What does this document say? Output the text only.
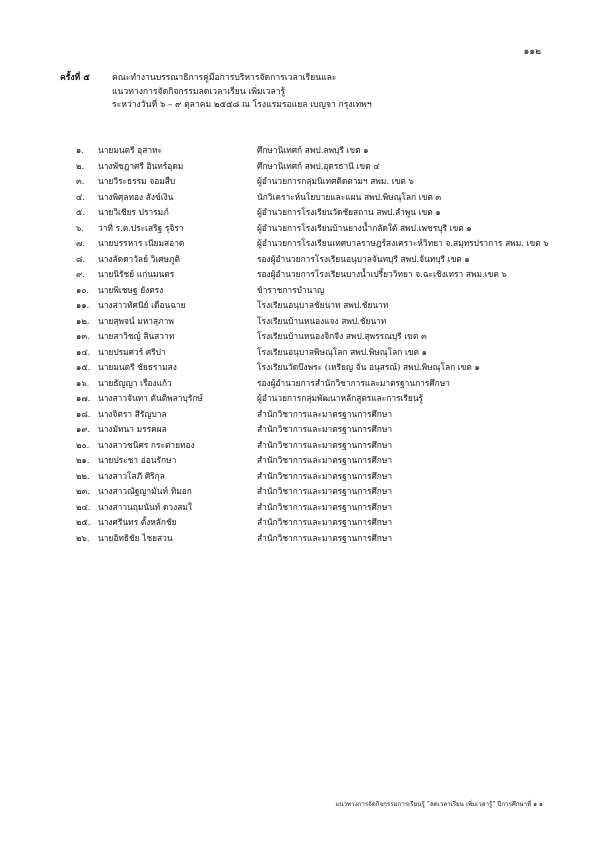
๑๑๒
ครั้งที่ ๕	คณะทำงานบรรณาธิการคู่มือการบริหารจัดการเวลาเรียนและ
แนวทางการจัดกิจกรรมลดเวลาเรียน เพิ่มเวลารู้
ระหว่างวันที่ ๖ – ๙ ตุลาคม ๒๕๕๘ ณ โรงแรมรอแยล เบญจา กรุงเทพฯ
๑.	นายมนตรี อุสาหะ	ศึกษานิเทศก์ สพป.ลพบุรี เขต ๑
๒.	นางพัชฎาศรี อินทร์อุดม	ศึกษานิเทศก์ สพป.อุดรธานี เขต ๔
๓.	นายวีระธรรม จอมสืบ	ผู้อำนวยการกลุ่มนิเทศติดตามฯ สพม. เขต ๖
๔.	นางพิศุลทอง สังข์เงิน	นักวิเคราะห์นโยบายและแผน สพป.พิษณุโลก เขต ๓
๕.	นายวิเชียร ปรารมภ์	ผู้อำนวยการโรงเรียนวัดชัยสถาน สพป.ลำพูน เขต ๑
๖.	ว่าที่ ร.ต.ประเสริฐ รุจิรา	ผู้อำนวยการโรงเรียนบ้านยางน้ำกลัดใต้ สพป.เพชรบุรี เขต ๑
๗.	นายบรรหาร เนียมสอาด	ผู้อำนวยการโรงเรียนเทศบาลราษฎร์สงเคราะห์วิทยา จ.สมุทรปราการ สพม. เขต ๖
๘.	นางลัดดาวัลย์ วิเศษภูติ	รองผู้อำนวยการโรงเรียนอนุบาลจันทบุรี สพป.จันทบุรี เขต ๑
๙.	นายนิรัชย์ แก่นมนตร	รองผู้อำนวยการโรงเรียนบางน้ำเปรี้ยววิทยา จ.ฉะเชิงเทรา สพม.เขต ๖
๑๐.	นายพิเชษฐ ยังตรง	ข้าราชการบำนาญ
๑๑.	นางสาวทัศนีย์ เดือนฉาย	โรงเรียนอนุบาลชัยนาท สพป.ชัยนาท
๑๒.	นายสุพจน์ มหาสุภาพ	โรงเรียนบ้านหนองแจง สพป.ชัยนาท
๑๓. นายสาวิชญ์ สินสวาท	โรงเรียนบ้านหนองจิกจีง สพป.สุพรรณบุรี เขต ๓
๑๔. นายปรมศวร์ ศรีปา	โรงเรียนอนุบาลพิษณุโลก สพป.พิษณุโลก เขต ๑
๑๕. นายมนตรี ชัยธรามสง	โรงเรียนวัดบึงพระ (เหรียญ จั่น อนุสรณ์) สพป.พิษณุโลก เขต ๑
๑๖.	นายธัญญา เรืองแก้ว	รองผู้อำนวยการสำนักวิชาการและมาตรฐานการศึกษา
๑๗. นางสาวจันทา ตันติพลาบุรักษ์	ผู้อำนวยการกลุ่มพัฒนาหลักสูตรและการเรียนรู้
๑๘. นางจิตรา สีรัญบาล	สำนักวิชาการและมาตรฐานการศึกษา
๑๙. นางมัทนา มรรคผล	สำนักวิชาการและมาตรฐานการศึกษา
๒๐.	นางสาวชนิศร กระต่ายทอง	สำนักวิชาการและมาตรฐานการศึกษา
๒๑.	นายประชา อ่อนรักษา	สำนักวิชาการและมาตรฐานการศึกษา
๒๒. นางสาวโสภี ศิริกุล	สำนักวิชาการและมาตรฐานการศึกษา
๒๓. นางสาวณัฐญามันท์ ทิมอก	สำนักวิชาการและมาตรฐานการศึกษา
๒๔. นางสาวนฤมนันท์ ดวงสมใ	สำนักวิชาการและมาตรฐานการศึกษา
๒๕. นางศรีนทร ตั้งหลักชัย	สำนักวิชาการและมาตรฐานการศึกษา
๒๖.	นายอิทธิชัย ไชยสวน	สำนักวิชาการและมาตรฐานการศึกษา
แนวทางการจัดกิจกรรมการเรียนรู้ “ลดเวลาเรียน เพิ่มเวลารู้” ปีการศึกษาที่ ๑ ๑
